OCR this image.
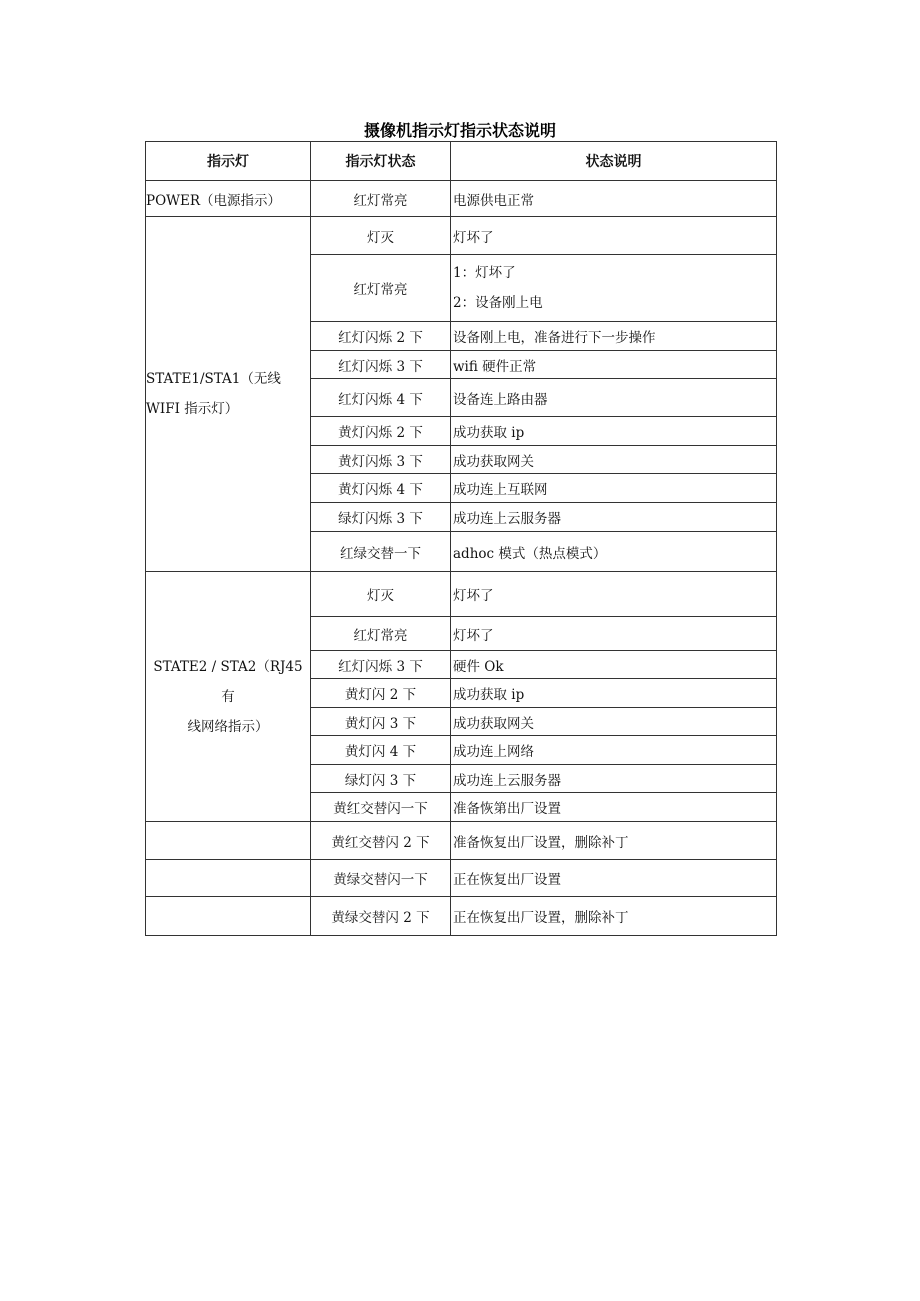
摄像机指示灯指示状态说明
指示灯	指示灯状态	状态说明
POWER（电源指示）	红灯常亮	电源供电正常

STATE1/STA1（无线
WIFI 指示灯）	灯灭	灯坏了
	红灯常亮	1：灯坏了
2：设备刚上电

	红灯闪烁 2 下	设备刚上电，准备进行下一步操作
	红灯闪烁 3 下	wifi 硬件正常
	红灯闪烁 4 下	设备连上路由器
	黄灯闪烁 2 下	成功获取 ip
	黄灯闪烁 3 下	成功获取网关
	黄灯闪烁 4 下	成功连上互联网
	绿灯闪烁 3 下	成功连上云服务器
	红绿交替一下	adhoc 模式（热点模式）

STATE2 / STA2（RJ45 有
线网络指示）	灯灭	灯坏了
	红灯常亮	灯坏了
	红灯闪烁 3 下	硬件 Ok
	黄灯闪 2 下	成功获取 ip
	黄灯闪 3 下	成功获取网关
	黄灯闪 4 下	成功连上网络
	绿灯闪 3 下	成功连上云服务器
	黄红交替闪一下	准备恢第出厂设置
	黄红交替闪 2 下	准备恢复出厂设置，删除补丁
	黄绿交替闪一下	正在恢复出厂设置
	黄绿交替闪 2 下	正在恢复出厂设置，删除补丁
